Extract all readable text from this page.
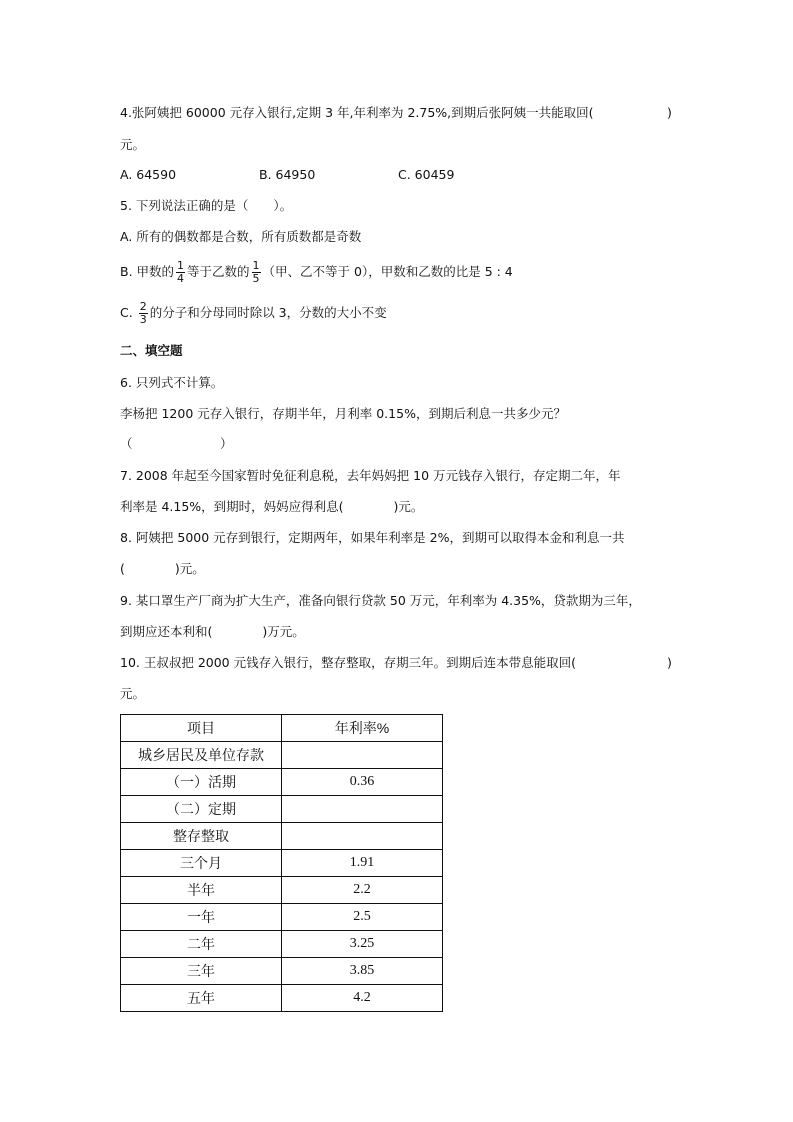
4.张阿姨把 60000 元存入银行,定期 3 年,年利率为 2.75%,到期后张阿姨一共能取回(	)
元。
A. 64590	B. 64950	C. 60459
5. 下列说法正确的是（　　）。
A. 所有的偶数都是合数，所有质数都是奇数
B. 甲数的 $\frac{1}{4}$ 等于乙数的 $\frac{1}{5}$ （甲、乙不等于 0），甲数和乙数的比是 5 : 4
C. $\frac{2}{3}$ 的分子和分母同时除以 3，分数的大小不变
二、填空题
6. 只列式不计算。
李杨把 1200 元存入银行，存期半年，月利率 0.15%，到期后利息一共多少元？
（　　　　　　　）
7. 2008 年起至今国家暂时免征利息税，去年妈妈把 10 万元钱存入银行，存定期二年，年
利率是 4.15%，到期时，妈妈应得利息(　　　　)元。
8. 阿姨把 5000 元存到银行，定期两年，如果年利率是 2%，到期可以取得本金和利息一共
(　　　　)元。
9. 某口罩生产厂商为扩大生产，准备向银行贷款 50 万元，年利率为 4.35%，贷款期为三年，
到期应还本利和(　　　　)万元。
10. 王叔叔把 2000 元钱存入银行，整存整取，存期三年。到期后连本带息能取回(	)
元。
项目	年利率%
城乡居民及单位存款	
（一）活期	0.36
（二）定期	
整存整取	
三个月	1.91
半年	2.2
一年	2.5
二年	3.25
三年	3.85
五年	4.2
